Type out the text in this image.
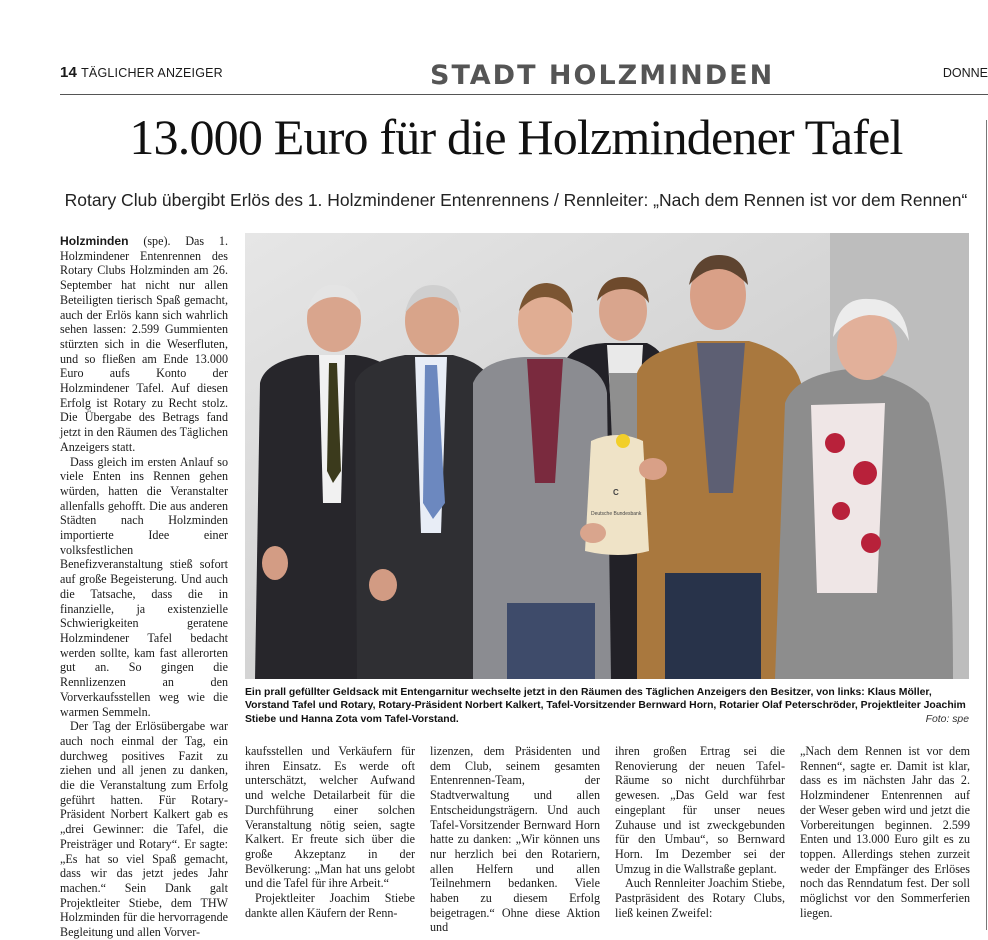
14 TÄGLICHER ANZEIGER	STADT HOLZMINDEN	DONNE
13.000 Euro für die Holzmindener Tafel
Rotary Club übergibt Erlös des 1. Holzmindener Entenrennens / Rennleiter: „Nach dem Rennen ist vor dem Rennen“

Holzminden (spe). Das 1. Holzmindener Entenrennen des Rotary Clubs Holzminden am 26. September hat nicht nur allen Beteiligten tierisch Spaß gemacht, auch der Erlös kann sich wahrlich sehen lassen: 2.599 Gummienten stürzten sich in die Weserfluten, und so fließen am Ende 13.000 Euro aufs Konto der Holzmindener Tafel. Auf diesen Erfolg ist Rotary zu Recht stolz. Die Übergabe des Betrags fand jetzt in den Räumen des Täglichen Anzeigers statt.

Dass gleich im ersten Anlauf so viele Enten ins Rennen gehen würden, hatten die Veranstalter allenfalls gehofft. Die aus anderen Städten nach Holzminden importierte Idee einer volksfestlichen Benefizveranstaltung stieß sofort auf große Begeisterung. Und auch die Tatsache, dass die in finanzielle, ja existenzielle Schwierigkeiten geratene Holzmindener Tafel bedacht werden sollte, kam fast allerorten gut an. So gingen die Rennlizenzen an den Vorverkaufsstellen weg wie die warmen Semmeln.

Der Tag der Erlösübergabe war auch noch einmal der Tag, ein durchweg positives Fazit zu ziehen und all jenen zu danken, die die Veranstaltung zum Erfolg geführt hatten. Für Rotary-Präsident Norbert Kalkert gab es „drei Gewinner: die Tafel, die Preisträger und Rotary“. Er sagte: „Es hat so viel Spaß gemacht, dass wir das jetzt jedes Jahr machen.“ Sein Dank galt Projektleiter Stiebe, dem THW Holzminden für die hervorragende Begleitung und allen Vorver-

C
Deutsche Bundesbank
Ein prall gefüllter Geldsack mit Entengarnitur wechselte jetzt in den Räumen des Täglichen Anzeigers den Besitzer, von links: Klaus Möller, Vorstand Tafel und Rotary, Rotary-Präsident Norbert Kalkert, Tafel-Vorsitzender Bernward Horn, Rotarier Olaf Peterschröder, Projektleiter Joachim Stiebe und Hanna Zota vom Tafel-Vorstand.	Foto: spe

kaufsstellen und Verkäufern für ihren Einsatz. Es werde oft unterschätzt, welcher Aufwand und welche Detailarbeit für die Durchführung einer solchen Veranstaltung nötig seien, sagte Kalkert. Er freute sich über die große Akzeptanz in der Bevölkerung: „Man hat uns gelobt und die Tafel für ihre Arbeit.“

Projektleiter Joachim Stiebe dankte allen Käufern der Renn-

lizenzen, dem Präsidenten und dem Club, seinem gesamten Entenrennen-Team, der Stadtverwaltung und allen Entscheidungsträgern. Und auch Tafel-Vorsitzender Bernward Horn hatte zu danken: „Wir können uns nur herzlich bei den Rotariern, allen Helfern und allen Teilnehmern bedanken. Viele haben zu diesem Erfolg beigetragen.“ Ohne diese Aktion und

ihren großen Ertrag sei die Renovierung der neuen Tafel-Räume so nicht durchführbar gewesen. „Das Geld war fest eingeplant für unser neues Zuhause und ist zweckgebunden für den Umbau“, so Bernward Horn. Im Dezember sei der Umzug in die Wallstraße geplant.

Auch Rennleiter Joachim Stiebe, Pastpräsident des Rotary Clubs, ließ keinen Zweifel:

„Nach dem Rennen ist vor dem Rennen“, sagte er. Damit ist klar, dass es im nächsten Jahr das 2. Holzmindener Entenrennen auf der Weser geben wird und jetzt die Vorbereitungen beginnen. 2.599 Enten und 13.000 Euro gilt es zu toppen. Allerdings stehen zurzeit weder der Empfänger des Erlöses noch das Renndatum fest. Der soll möglichst vor den Sommerferien liegen.
